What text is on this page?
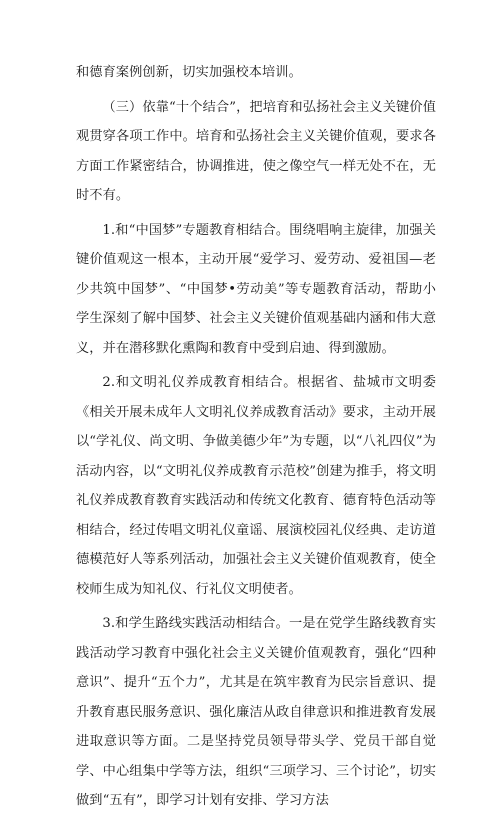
和德育案例创新，切实加强校本培训。

（三）依靠“十个结合”，把培育和弘扬社会主义关键价值观贯穿各项工作中。培育和弘扬社会主义关键价值观，要求各方面工作紧密结合，协调推进，使之像空气一样无处不在，无时不有。

1.和“中国梦”专题教育相结合。围绕唱响主旋律，加强关键价值观这一根本，主动开展“爱学习、爱劳动、爱祖国—老少共筑中国梦”、“中国梦•劳动美”等专题教育活动，帮助小学生深刻了解中国梦、社会主义关键价值观基础内涵和伟大意义，并在潜移默化熏陶和教育中受到启迪、得到激励。

2.和文明礼仪养成教育相结合。根据省、盐城市文明委《相关开展未成年人文明礼仪养成教育活动》要求，主动开展以“学礼仪、尚文明、争做美德少年”为专题，以“八礼四仪”为活动内容，以“文明礼仪养成教育示范校”创建为推手，将文明礼仪养成教育教育实践活动和传统文化教育、德育特色活动等相结合，经过传唱文明礼仪童谣、展演校园礼仪经典、走访道德模范好人等系列活动，加强社会主义关键价值观教育，使全校师生成为知礼仪、行礼仪文明使者。

3.和学生路线实践活动相结合。一是在党学生路线教育实践活动学习教育中强化社会主义关键价值观教育，强化“四种意识”、提升“五个力”，尤其是在筑牢教育为民宗旨意识、提升教育惠民服务意识、强化廉洁从政自律意识和推进教育发展进取意识等方面。二是坚持党员领导带头学、党员干部自觉学、中心组集中学等方法，组织“三项学习、三个讨论”，切实做到“五有”，即学习计划有安排、学习方法
